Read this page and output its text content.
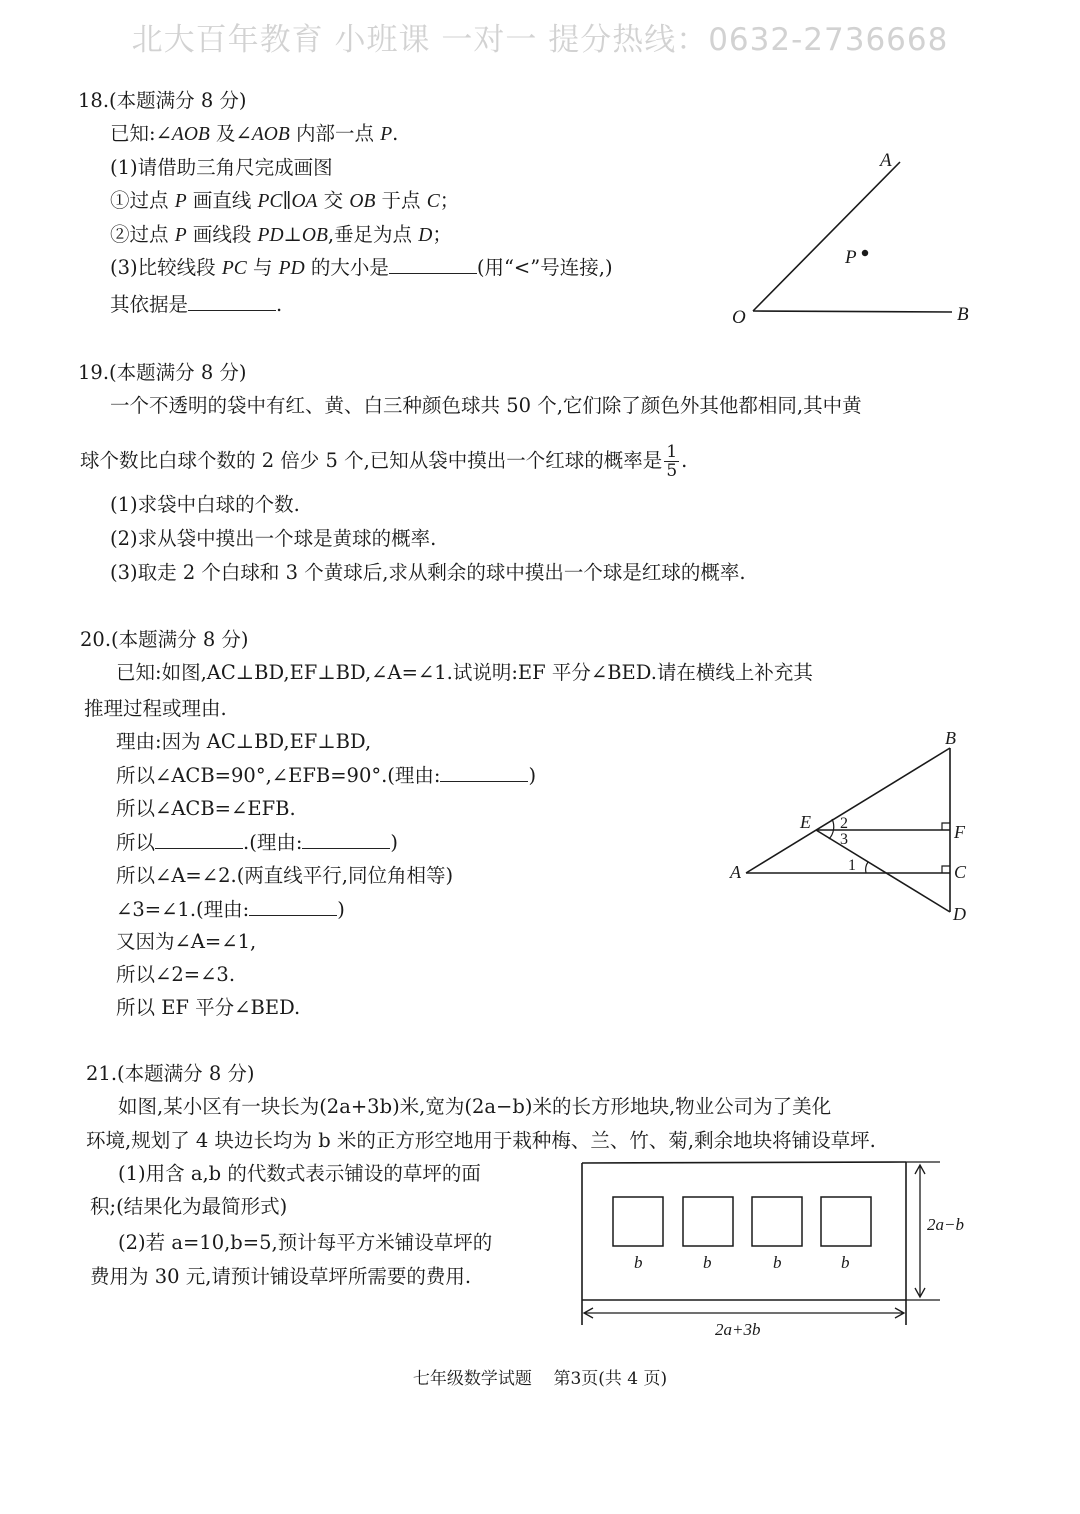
北大百年教育 小班课 一对一 提分热线：0632-2736668
18.(本题满分 8 分)
已知:∠AOB 及∠AOB 内部一点 P.
(1)请借助三角尺完成画图
①过点 P 画直线 PC∥OA 交 OB 于点 C；
②过点 P 画线段 PD⊥OB,垂足为点 D；
(3)比较线段 PC 与 PD 的大小是	(用“<”号连接,)
其依据是	.
A
O	B
P
19.(本题满分 8 分)
一个不透明的袋中有红、黄、白三种颜色球共 50 个,它们除了颜色外其他都相同,其中黄
球个数比白球个数的 2 倍少 5 个,已知从袋中摸出一个红球的概率是 $\frac{1}{5}$ .
(1)求袋中白球的个数.
(2)求从袋中摸出一个球是黄球的概率.
(3)取走 2 个白球和 3 个黄球后,求从剩余的球中摸出一个球是红球的概率.
20.(本题满分 8 分)
已知:如图,AC⊥BD,EF⊥BD,∠A=∠1.试说明:EF 平分∠BED.请在横线上补充其
推理过程或理由.
理由:因为 AC⊥BD,EF⊥BD,
所以∠ACB=90°,∠EFB=90°.(理由:	)
所以∠ACB=∠EFB.
所以	.(理由:	)
所以∠A=∠2.(两直线平行,同位角相等)
∠3=∠1.(理由:	)
又因为∠A=∠1,
所以∠2=∠3.
所以 EF 平分∠BED.
B
E	F
A	C
D
2
3
1
21.(本题满分 8 分)
如图,某小区有一块长为(2a+3b)米,宽为(2a−b)米的长方形地块,物业公司为了美化
环境,规划了 4 块边长均为 b 米的正方形空地用于栽种梅、兰、竹、菊,剩余地块将铺设草坪.
(1)用含 a,b 的代数式表示铺设的草坪的面
积;(结果化为最简形式)
(2)若 a=10,b=5,预计每平方米铺设草坪的
费用为 30 元,请预计铺设草坪所需要的费用.
b	b	b	b
2a−b
2a+3b
七年级数学试题    第3页(共 4 页)
